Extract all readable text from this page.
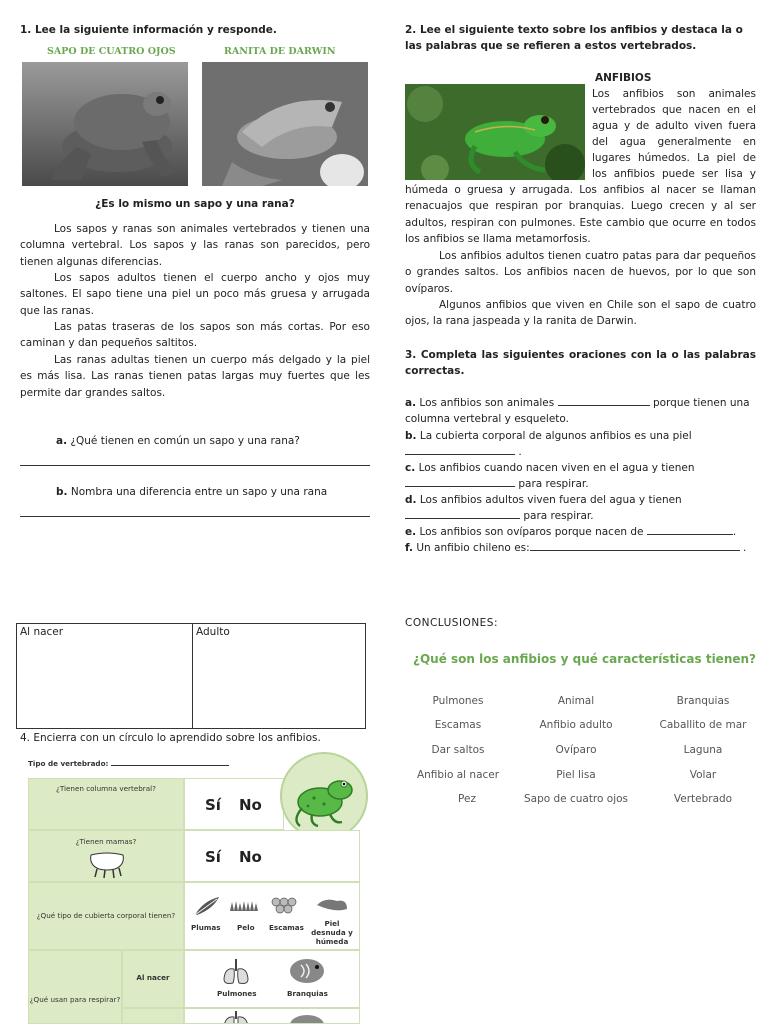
1. Lee la siguiente información y responde.
SAPO DE CUATRO OJOS	RANITA DE DARWIN
¿Es lo mismo un sapo y una rana?
Los sapos y ranas son animales vertebrados y tienen una columna vertebral. Los sapos y las ranas son parecidos, pero tienen algunas diferencias.
Los sapos adultos tienen el cuerpo ancho y ojos muy saltones. El sapo tiene una piel un poco más gruesa y arrugada que las ranas.
Las patas traseras de los sapos son más cortas. Por eso caminan y dan pequeños saltitos.
Las ranas adultas tienen un cuerpo más delgado y la piel es más lisa. Las ranas tienen patas largas muy fuertes que les permite dar grandes saltos.
a. ¿Qué tienen en común un sapo y una rana?
b. Nombra una diferencia entre un sapo y una rana
Al nacer	Adulto
4. Encierra con un círculo lo aprendido sobre los anfibios.
Tipo de vertebrado:
¿Tienen columna vertebral?
Sí No
¿Tienen mamas?
Sí No
¿Qué tipo de cubierta corporal tienen?
Plumas Pelo Escamas	Piel desnuda y húmeda
¿Qué usan para respirar?
Al nacer
Pulmones	Branquias
2. Lee el siguiente texto sobre los anfibios y destaca la o las palabras que se refieren a estos vertebrados.
ANFIBIOS
Los anfibios son animales
vertebrados que nacen en el
agua y de adulto viven fuera
del agua generalmente en
lugares húmedos. La piel de
los anfibios puede ser lisa y
húmeda o gruesa y arrugada. Los anfibios al nacer se llaman renacuajos que respiran por branquias. Luego crecen y al ser adultos, respiran con pulmones. Este cambio que ocurre en todos los anfibios se llama metamorfosis.
Los anfibios adultos tienen cuatro patas para dar pequeños o grandes saltos. Los anfibios nacen de huevos, por lo que son ovíparos.
Algunos anfibios que viven en Chile son el sapo de cuatro ojos, la rana jaspeada y la ranita de Darwin.
3. Completa las siguientes oraciones con la o las palabras correctas.
a. Los anfibios son animales	porque tienen una
columna vertebral y esqueleto.
b. La cubierta corporal de algunos anfibios es una piel
.
c. Los anfibios cuando nacen viven en el agua y tienen
para respirar.
d. Los anfibios adultos viven fuera del agua y tienen
para respirar.
e. Los anfibios son ovíparos porque nacen de	.
f. Un anfibio chileno es:	.
CONCLUSIONES:
¿Qué son los anfibios y qué características tienen?
Pulmones	Animal	Branquias
Escamas	Anfibio adulto	Caballito de mar
Dar saltos	Ovíparo	Laguna
Anfibio al nacer	Piel lisa	Volar
Pez	Sapo de cuatro ojos	Vertebrado
